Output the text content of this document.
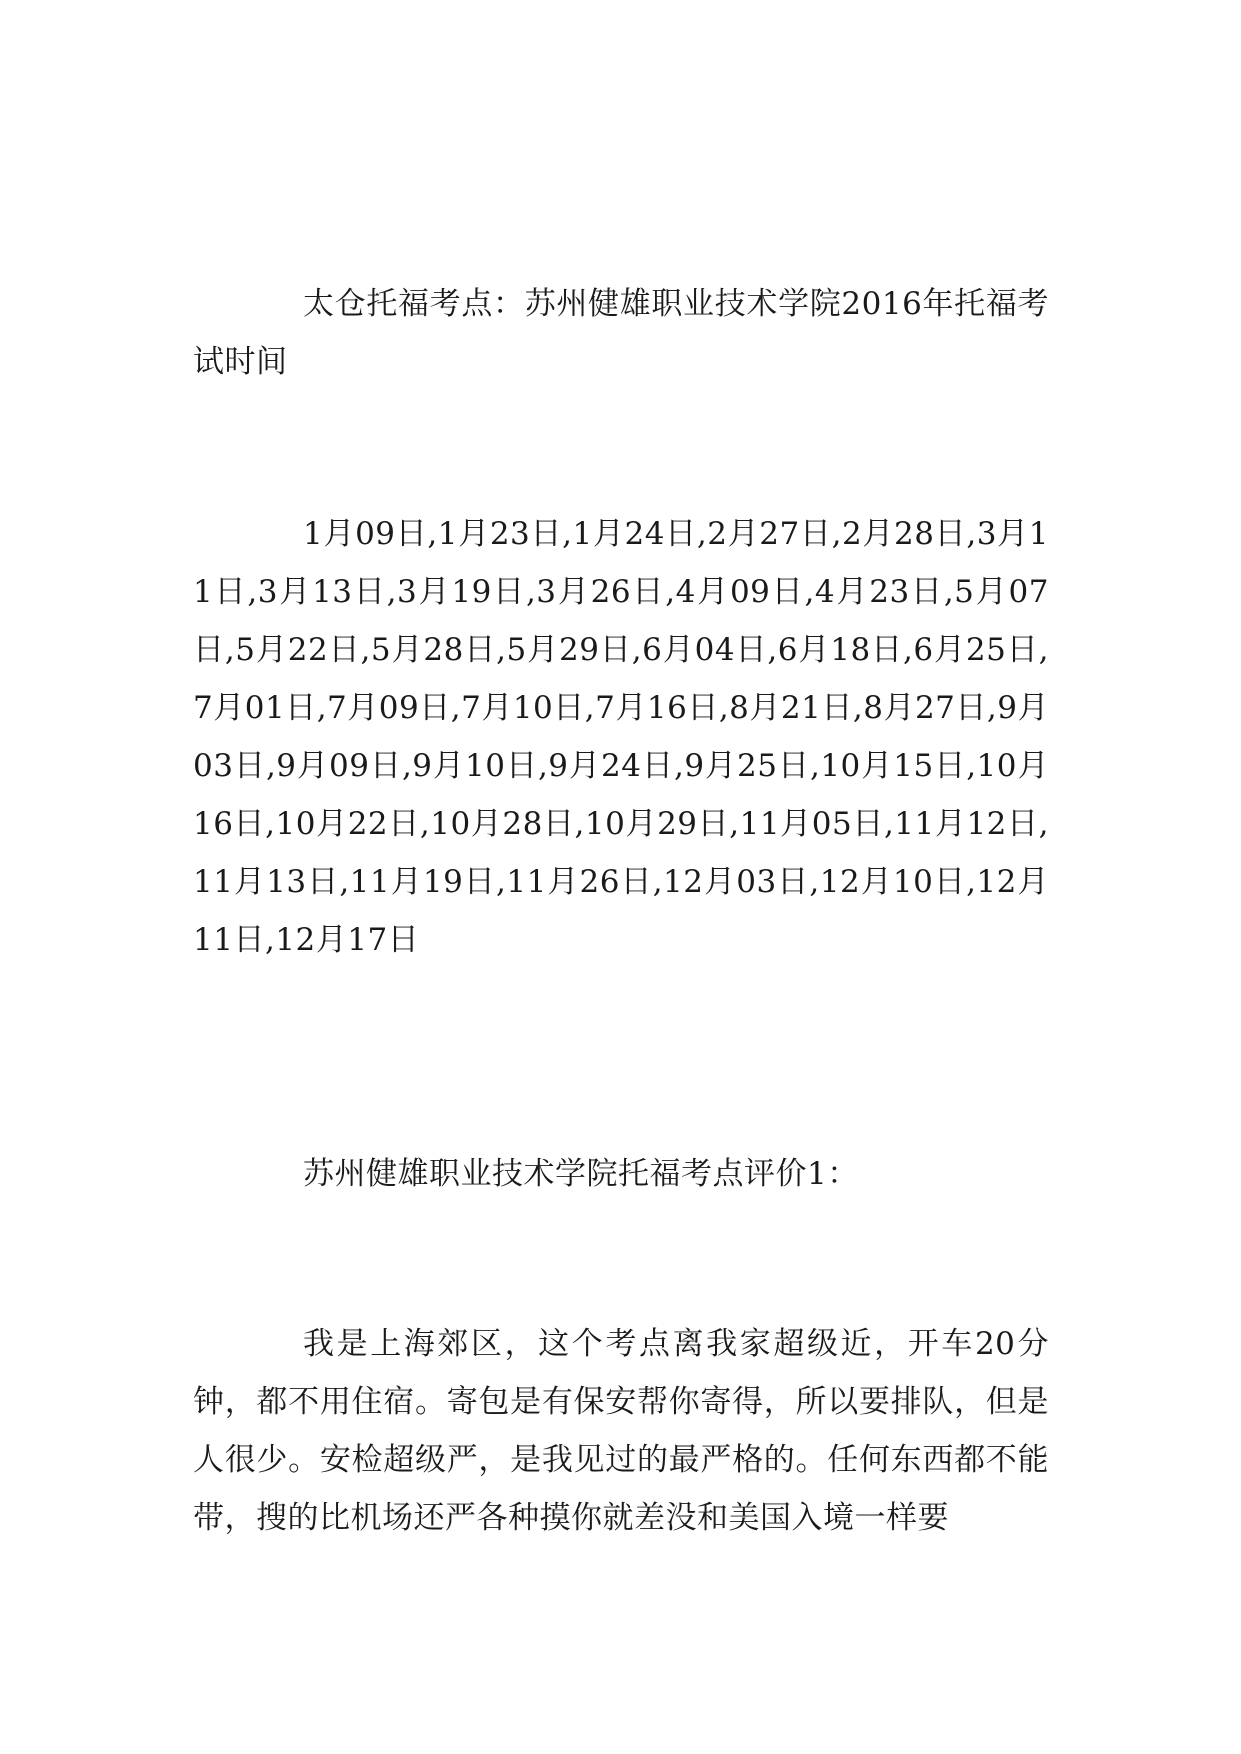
太仓托福考点：苏州健雄职业技术学院2016年托福考试时间

1月09日,1月23日,1月24日,2月27日,2月28日,3月11日,3月13日,3月19日,3月26日,4月09日,4月23日,5月07日,5月22日,5月28日,5月29日,6月04日,6月18日,6月25日,7月01日,7月09日,7月10日,7月16日,8月21日,8月27日,9月03日,9月09日,9月10日,9月24日,9月25日,10月15日,10月16日,10月22日,10月28日,10月29日,11月05日,11月12日,11月13日,11月19日,11月26日,12月03日,12月10日,12月11日,12月17日

苏州健雄职业技术学院托福考点评价1：

我是上海郊区，这个考点离我家超级近，开车20分钟，都不用住宿。寄包是有保安帮你寄得，所以要排队，但是人很少。安检超级严，是我见过的最严格的。任何东西都不能带，搜的比机场还严各种摸你就差没和美国入境一样要
